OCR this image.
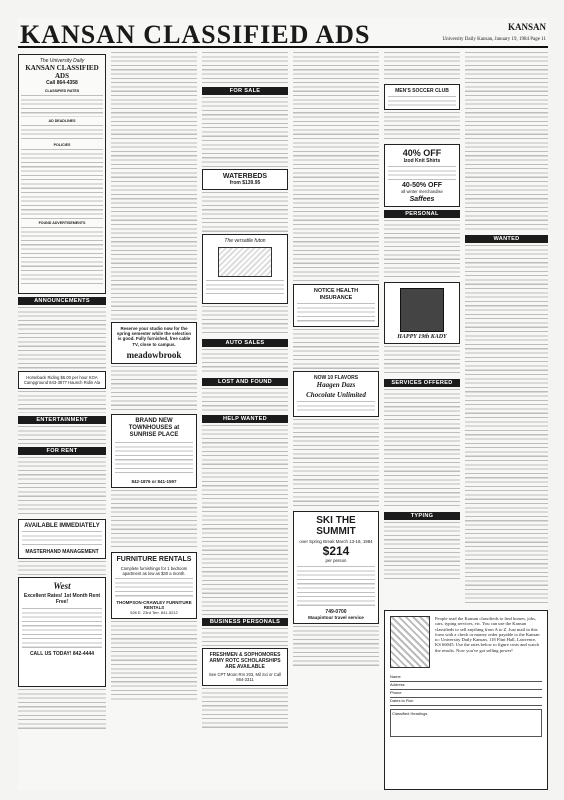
KANSAN CLASSIFIED ADS	KANSAN
University Daily Kansan, January 19, 1984 Page 11
The University Daily
KANSAN CLASSIFIED ADS
Call 864-4358
CLASSIFIED RATES
AD DEADLINES
POLICIES
FOUND ADVERTISEMENTS
ANNOUNCEMENTS
Horseback Riding $6.00 per hour KOA Campground 843-3877 Haunch Ridin Ala
ENTERTAINMENT
FOR RENT
AVAILABLE IMMEDIATELY
MASTERHAND MANAGEMENT
West
Excellent Rates! 1st Month Rent Free!
CALL US TODAY! 842-4444
Reserve your studio now for the spring semester while the selection is good. Fully furnished, free cable TV, close to campus.
meadowbrook
BRAND NEW TOWNHOUSES at SUNRISE PLACE
842-1876 or 841-1597
FURNITURE RENTALS
Complete furnishings for 1 bedroom apartment as low as $30 a month.
THOMPSON-CRAWLEY FURNITURE RENTALS
526 E. 23rd Terr. 841-5212
FOR SALE
WATERBEDS
from $139.95
The versatile futon
AUTO SALES
LOST AND FOUND
HELP WANTED
BUSINESS PERSONALS
FRESHMEN & SOPHOMORES ARMY ROTC SCHOLARSHIPS ARE AVAILABLE
See CPT Moon Rm 203, Mil Sci or Call 864-3311
NOTICE HEALTH INSURANCE
NOW 10 FLAVORS
Haagen Dazs
Chocolate Unlimited
SKI THE SUMMIT
over Spring Break March 13-18, 1984
$214
per person
749-0700
Maupintour travel service
MEN'S SOCCER CLUB
40% OFF
Izod Knit Shirts
40-50% OFF
all winter merchandise
Saffees
PERSONAL
HAPPY 19th KADY
SERVICES OFFERED
TYPING
WANTED
People read the Kansan classifieds to find homes, jobs, cars, typing services, etc. You can use the Kansan classifieds to sell anything from A to Z. Just mail in this form with a check or money order payable to the Kansan to: University Daily Kansan, 118 Flint Hall, Lawrence, KS 66045. Use the rates below to figure costs and watch the results. Now you've got selling power!
Name
Address
Phone
Dates to Run
Classified Headings
